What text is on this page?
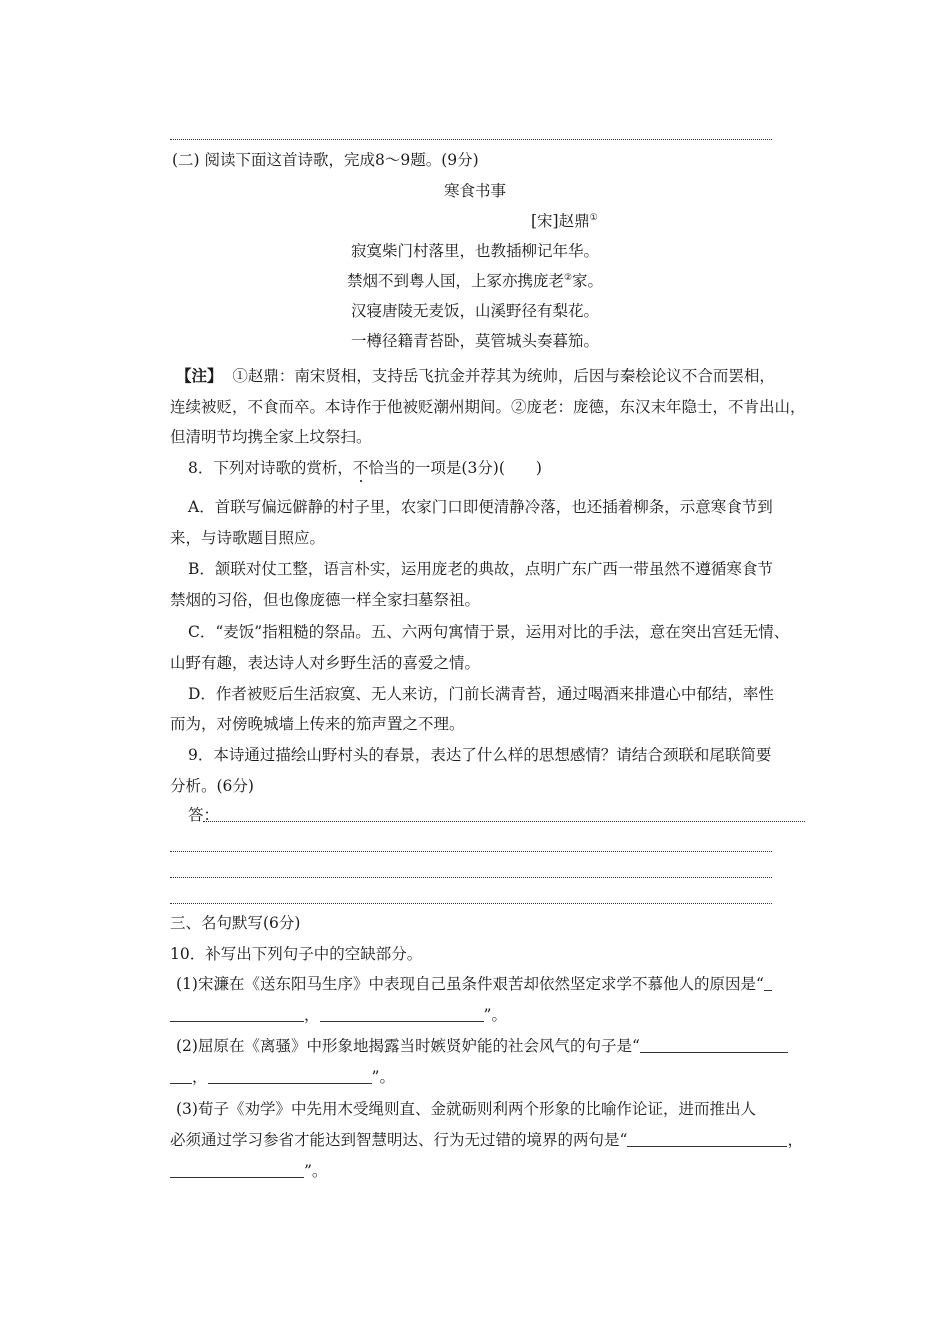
(二) 阅读下面这首诗歌，完成8～9题。(9分)
寒食书事
[宋]赵鼎①
寂寞柴门村落里，也教插柳记年华。
禁烟不到粤人国，上冢亦携庞老②家。
汉寝唐陵无麦饭，山溪野径有梨花。
一樽径籍青苔卧，莫管城头奏暮笳。
【注】 ①赵鼎：南宋贤相，支持岳飞抗金并荐其为统帅，后因与秦桧论议不合而罢相，
连续被贬，不食而卒。本诗作于他被贬潮州期间。②庞老：庞德，东汉末年隐士，不肯出山，
但清明节均携全家上坟祭扫。
8．下列对诗歌的赏析，不恰当的一项是(3分)(　　)
A．首联写偏远僻静的村子里，农家门口即便清静冷落，也还插着柳条，示意寒食节到
来，与诗歌题目照应。
B．颔联对仗工整，语言朴实，运用庞老的典故，点明广东广西一带虽然不遵循寒食节
禁烟的习俗，但也像庞德一样全家扫墓祭祖。
C．“麦饭”指粗糙的祭品。五、六两句寓情于景，运用对比的手法，意在突出宫廷无情、
山野有趣，表达诗人对乡野生活的喜爱之情。
D．作者被贬后生活寂寞、无人来访，门前长满青苔，通过喝酒来排遣心中郁结，率性
而为，对傍晚城墙上传来的笳声置之不理。
9．本诗通过描绘山野村头的春景，表达了什么样的思想感情？请结合颈联和尾联简要
分析。(6分)
答：
三、名句默写(6分)
10．补写出下列句子中的空缺部分。
(1)宋濂在《送东阳马生序》中表现自己虽条件艰苦却依然坚定求学不慕他人的原因是“
，	”。
(2)屈原在《离骚》中形象地揭露当时嫉贤妒能的社会风气的句子是“
，	”。
(3)荀子《劝学》中先用木受绳则直、金就砺则利两个形象的比喻作论证，进而推出人
必须通过学习参省才能达到智慧明达、行为无过错的境界的两句是“	，
”。
